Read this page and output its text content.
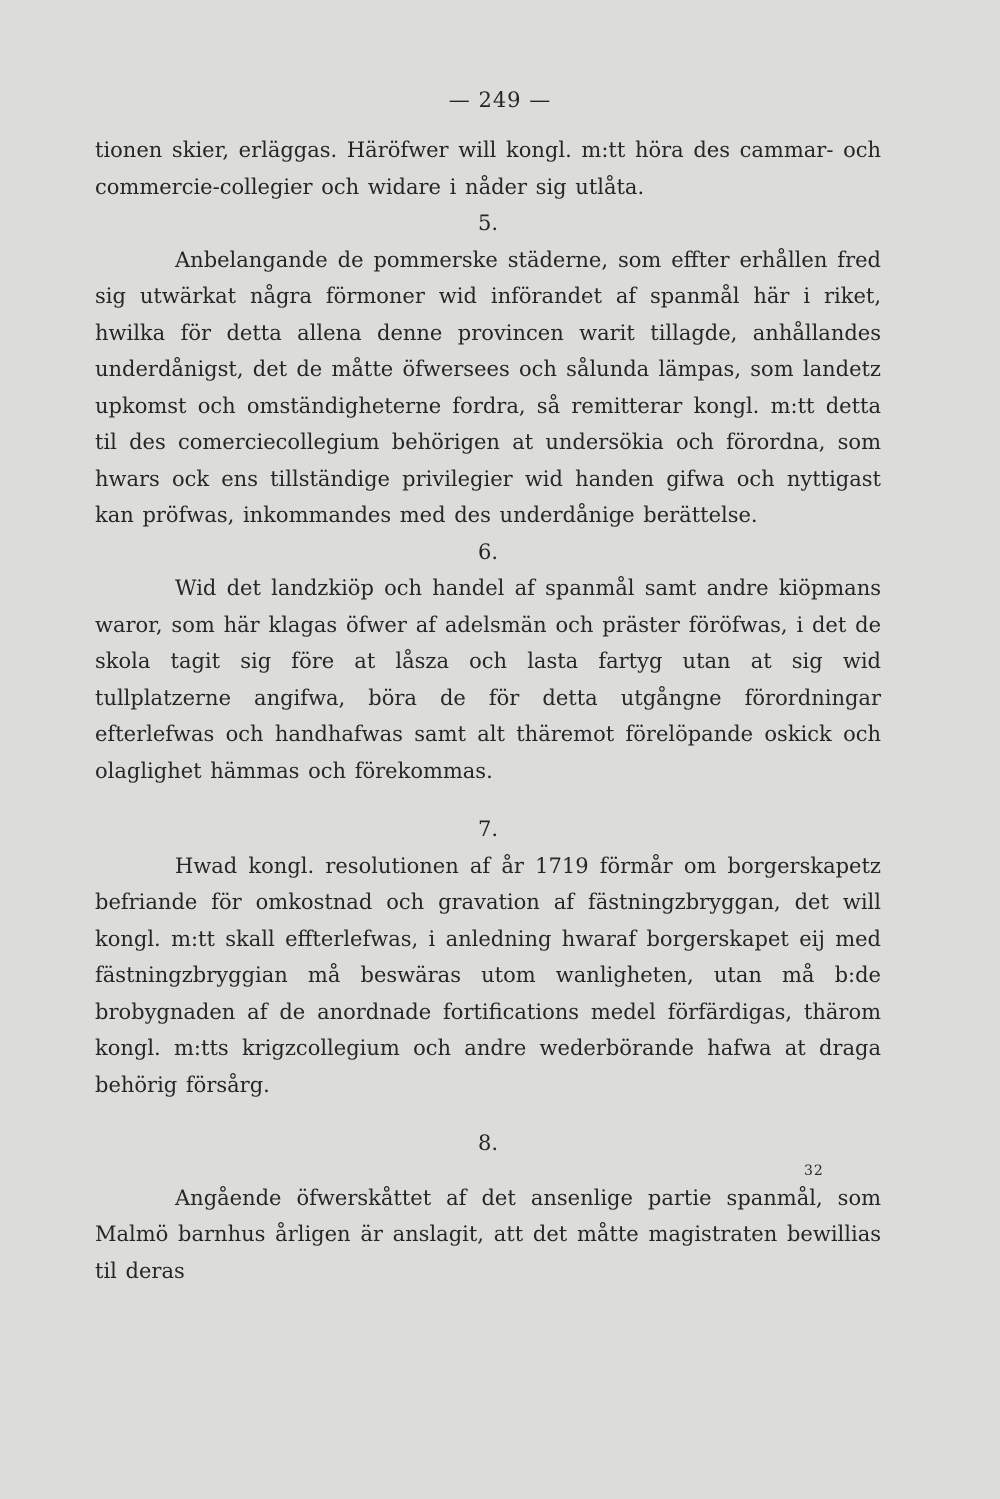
— 249 —

tionen skier, erläggas. Häröfwer will kongl. m:tt höra des cammar- och commercie-collegier och widare i nåder sig utlåta.

5.

Anbelangande de pommerske städerne, som effter erhållen fred sig utwärkat några förmoner wid införandet af spanmål här i riket, hwilka för detta allena denne provincen warit tillagde, anhållandes underdånigst, det de måtte öfwersees och sålunda lämpas, som landetz upkomst och omständigheterne fordra, så remitterar kongl. m:tt detta til des comerciecollegium behörigen at undersökia och förordna, som hwars ock ens tillständige privilegier wid handen gifwa och nyttigast kan pröfwas, inkommandes med des underdånige berättelse.

6.

Wid det landzkiöp och handel af spanmål samt andre kiöpmans waror, som här klagas öfwer af adelsmän och präster föröfwas, i det de skola tagit sig före at låsza och lasta fartyg utan at sig wid tullplatzerne angifwa, böra de för detta utgångne förordningar efterlefwas och handhafwas samt alt thäremot förelöpande oskick och olaglighet hämmas och förekommas.

7.

Hwad kongl. resolutionen af år 1719 förmår om borgerskapetz befriande för omkostnad och gravation af fästningzbryggan, det will kongl. m:tt skall effterlefwas, i anledning hwaraf borgerskapet eij med fästningzbryggian må beswäras utom wanligheten, utan må b:de brobygnaden af de anordnade fortifications medel förfärdigas, thärom kongl. m:tts krigzcollegium och andre wederbörande hafwa at draga behörig försårg.

8.

Angående öfwerskåttet af det ansenlige partie spanmål, som Malmö barnhus årligen är anslagit, att det måtte magistraten bewillias til deras

32
